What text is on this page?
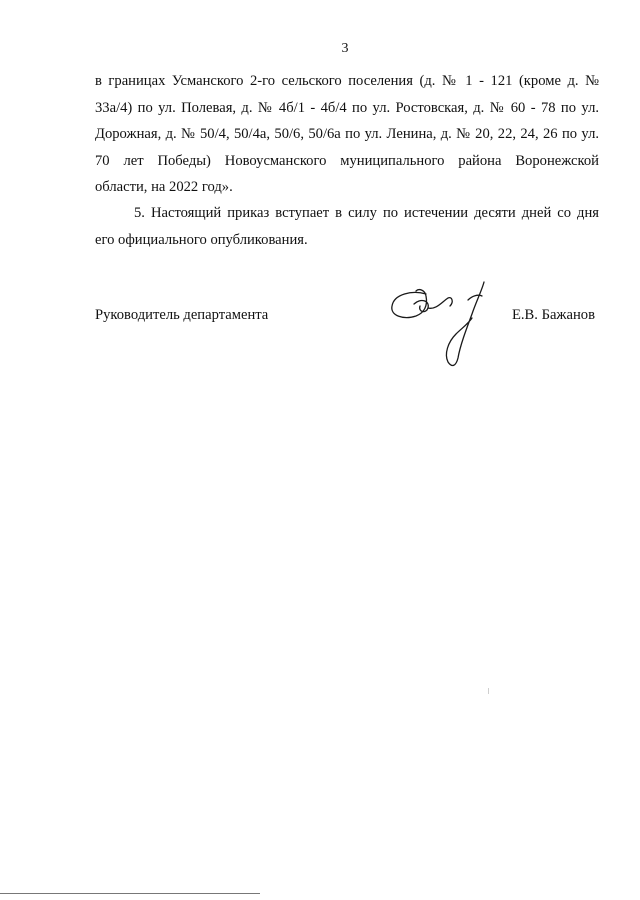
3
в границах Усманского 2-го сельского поселения (д. № 1 - 121 (кроме д. №
33а/4) по ул. Полевая, д. № 4б/1 - 4б/4 по ул. Ростовская, д. № 60 - 78 по ул.
Дорожная, д. № 50/4, 50/4а, 50/6, 50/6а по ул. Ленина, д. № 20, 22, 24, 26 по ул.
70 лет Победы) Новоусманского муниципального района Воронежской
области, на 2022 год».
5. Настоящий приказ вступает в силу по истечении десяти дней со дня
его официального опубликования.
Руководитель департамента	Е.В. Бажанов
